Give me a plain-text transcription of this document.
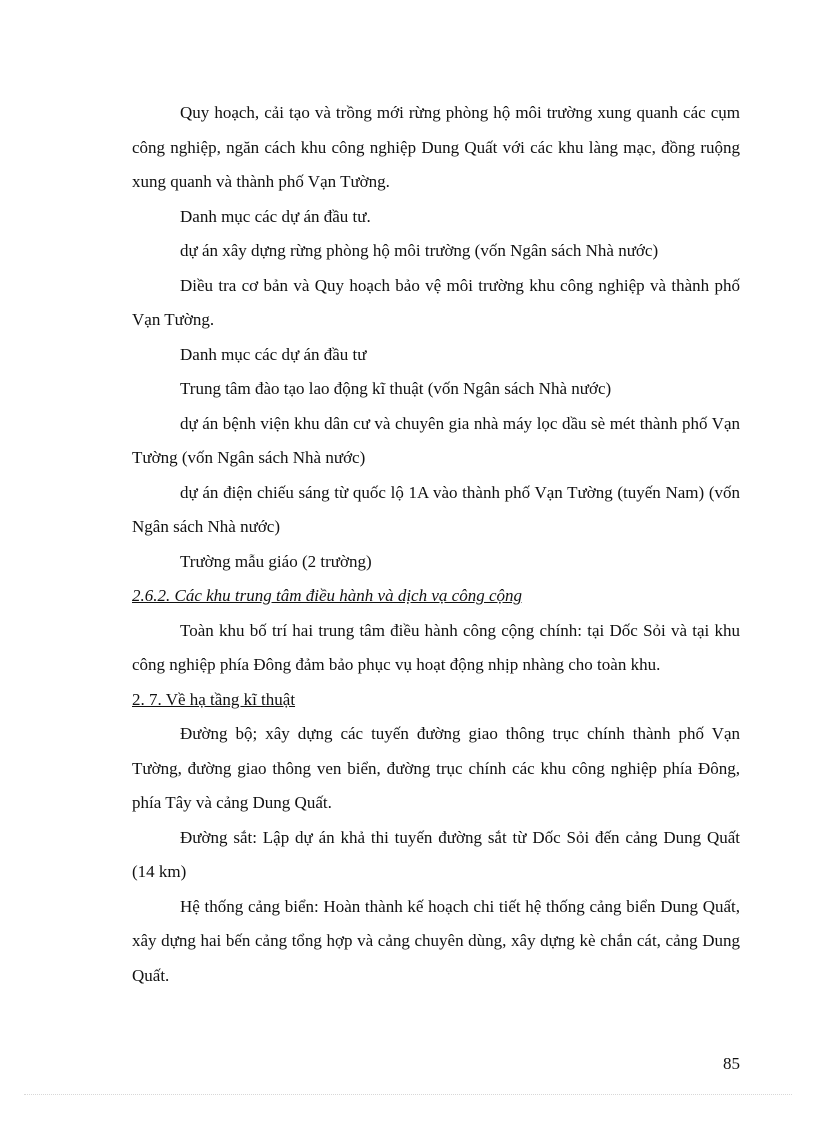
Quy hoạch, cải tạo và trồng mới rừng phòng hộ môi trường xung quanh các cụm công nghiệp, ngăn cách khu công nghiệp Dung Quất với các khu làng mạc, đồng ruộng xung quanh và thành phố Vạn Tường.

Danh mục các dự án đầu tư.

dự án xây dựng rừng phòng hộ môi trường (vốn Ngân sách Nhà nước)

Diều tra cơ bản và Quy hoạch bảo vệ môi trường khu công nghiệp và thành phố Vạn Tường.

Danh mục các dự án đầu tư

Trung tâm đào tạo lao động kĩ thuật (vốn Ngân sách Nhà nước)

dự án bệnh viện khu dân cư và chuyên gia nhà máy lọc dầu sè mét thành phố Vạn Tường (vốn Ngân sách Nhà nước)

dự án điện chiếu sáng từ quốc lộ 1A vào thành phố Vạn Tường (tuyến Nam) (vốn Ngân sách Nhà nước)

Trường mẫu giáo (2 trường)

2.6.2. Các khu trung tâm điều hành và dịch vạ công cộng

Toàn khu bố trí hai trung tâm điều hành công cộng chính: tại Dốc Sỏi và tại khu công nghiệp phía Đông đảm bảo phục vụ hoạt động nhịp nhàng cho toàn khu.

2. 7. Về hạ tầng kĩ thuật

Đường bộ; xây dựng các tuyến đường giao thông trục chính thành phố Vạn Tường, đường giao thông ven biển, đường trục chính các khu công nghiệp phía Đông, phía Tây và cảng Dung Quất.

Đường sắt: Lập dự án khả thi tuyến đường sắt từ Dốc Sỏi đến cảng Dung Quất (14 km)

Hệ thống cảng biển: Hoàn thành kế hoạch chi tiết hệ thống cảng biển Dung Quất, xây dựng hai bến cảng tổng hợp và cảng chuyên dùng, xây dựng kè chắn cát, cảng Dung Quất.

85
